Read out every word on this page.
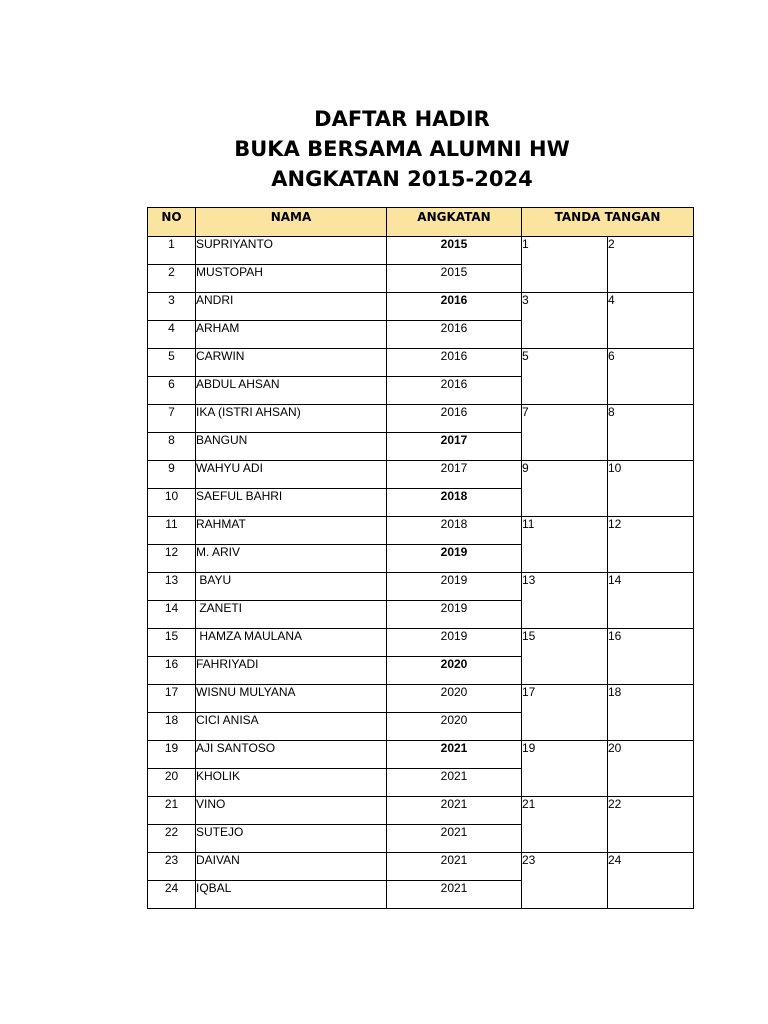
DAFTAR HADIR
BUKA BERSAMA ALUMNI HW
ANGKATAN 2015-2024
NO	NAMA	ANGKATAN	TANDA TANGAN	
1	SUPRIYANTO	2015	1	2
2	MUSTOPAH	2015		
3	ANDRI	2016	3	4
4	ARHAM	2016		
5	CARWIN	2016	5	6
6	ABDUL AHSAN	2016		
7	IKA (ISTRI AHSAN)	2016	7	8
8	BANGUN	2017		
9	WAHYU ADI	2017	9	10
10	SAEFUL BAHRI	2018		
11	RAHMAT	2018	11	12
12	M. ARIV	2019		
13	BAYU	2019	13	14
14	ZANETI	2019		
15	HAMZA MAULANA	2019	15	16
16	FAHRIYADI	2020		
17	WISNU MULYANA	2020	17	18
18	CICI ANISA	2020		
19	AJI SANTOSO	2021	19	20
20	KHOLIK	2021		
21	VINO	2021	21	22
22	SUTEJO	2021		
23	DAIVAN	2021	23	24
24	IQBAL	2021		
